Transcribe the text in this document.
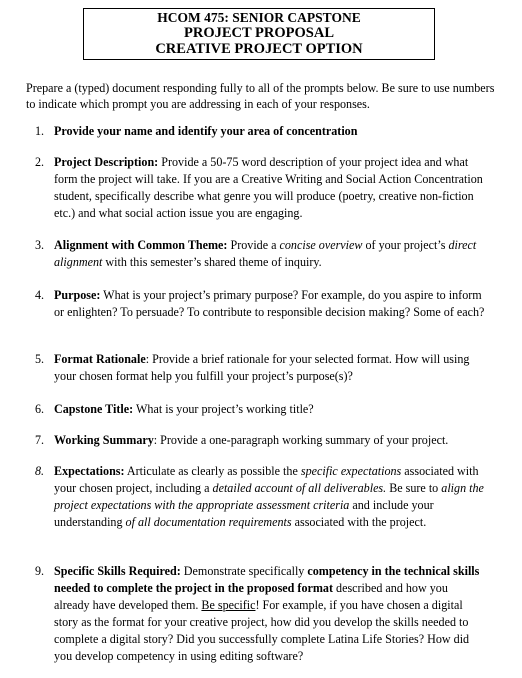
HCOM 475: SENIOR CAPSTONE
PROJECT PROPOSAL
CREATIVE PROJECT OPTION
Prepare a (typed) document responding fully to all of the prompts below. Be sure to use numbers to indicate which prompt you are addressing in each of your responses.
1. Provide your name and identify your area of concentration
2. Project Description: Provide a 50-75 word description of your project idea and what form the project will take. If you are a Creative Writing and Social Action Concentration student, specifically describe what genre you will produce (poetry, creative non-fiction etc.) and what social action issue you are engaging.
3. Alignment with Common Theme: Provide a concise overview of your project’s direct alignment with this semester’s shared theme of inquiry.
4. Purpose: What is your project’s primary purpose? For example, do you aspire to inform or enlighten? To persuade? To contribute to responsible decision making? Some of each?
5. Format Rationale: Provide a brief rationale for your selected format. How will using your chosen format help you fulfill your project’s purpose(s)?
6. Capstone Title: What is your project’s working title?
7. Working Summary: Provide a one-paragraph working summary of your project.
8. Expectations: Articulate as clearly as possible the specific expectations associated with your chosen project, including a detailed account of all deliverables. Be sure to align the project expectations with the appropriate assessment criteria and include your understanding of all documentation requirements associated with the project.
9. Specific Skills Required: Demonstrate specifically competency in the technical skills needed to complete the project in the proposed format described and how you already have developed them. Be specific! For example, if you have chosen a digital story as the format for your creative project, how did you develop the skills needed to complete a digital story? Did you successfully complete Latina Life Stories? How did you develop competency in using editing software?
